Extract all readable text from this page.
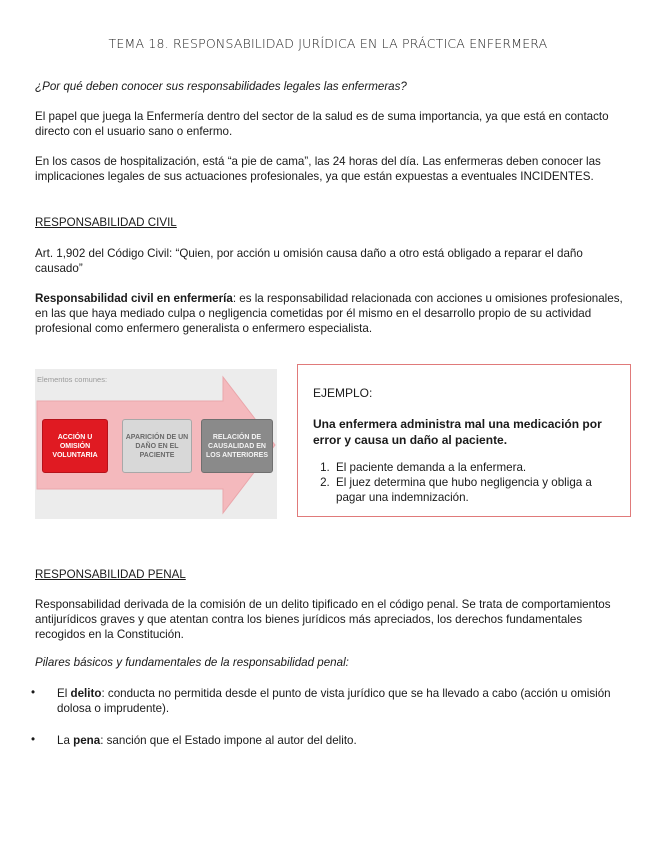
TEMA 18. RESPONSABILIDAD JURÍDICA EN LA PRÁCTICA ENFERMERA

¿Por qué deben conocer sus responsabilidades legales las enfermeras?

El papel que juega la Enfermería dentro del sector de la salud es de suma importancia, ya que está en contacto directo con el usuario sano o enfermo.

En los casos de hospitalización, está “a pie de cama”, las 24 horas del día. Las enfermeras deben conocer las implicaciones legales de sus actuaciones profesionales, ya que están expuestas a eventuales INCIDENTES.

RESPONSABILIDAD CIVIL

Art. 1,902 del Código Civil: “Quien, por acción u omisión causa daño a otro está obligado a reparar el daño causado”

Responsabilidad civil en enfermería: es la responsabilidad relacionada con acciones u omisiones profesionales, en las que haya mediado culpa o negligencia cometidas por él mismo en el desarrollo propio de su actividad profesional como enfermero generalista o enfermero especialista.

Elementos comunes:
ACCIÓN U OMISIÓN VOLUNTARIA
APARICIÓN DE UN DAÑO EN EL PACIENTE
RELACIÓN DE CAUSALIDAD EN LOS ANTERIORES
EJEMPLO:
Una enfermera administra mal una medicación por error y causa un daño al paciente.
1. El paciente demanda a la enfermera.
2. El juez determina que hubo negligencia y obliga a pagar una indemnización.

RESPONSABILIDAD PENAL

Responsabilidad derivada de la comisión de un delito tipificado en el código penal. Se trata de comportamientos antijurídicos graves y que atentan contra los bienes jurídicos más apreciados, los derechos fundamentales recogidos en la Constitución.

Pilares básicos y fundamentales de la responsabilidad penal:

• El delito: conducta no permitida desde el punto de vista jurídico que se ha llevado a cabo (acción u omisión dolosa o imprudente).

• La pena: sanción que el Estado impone al autor del delito.
